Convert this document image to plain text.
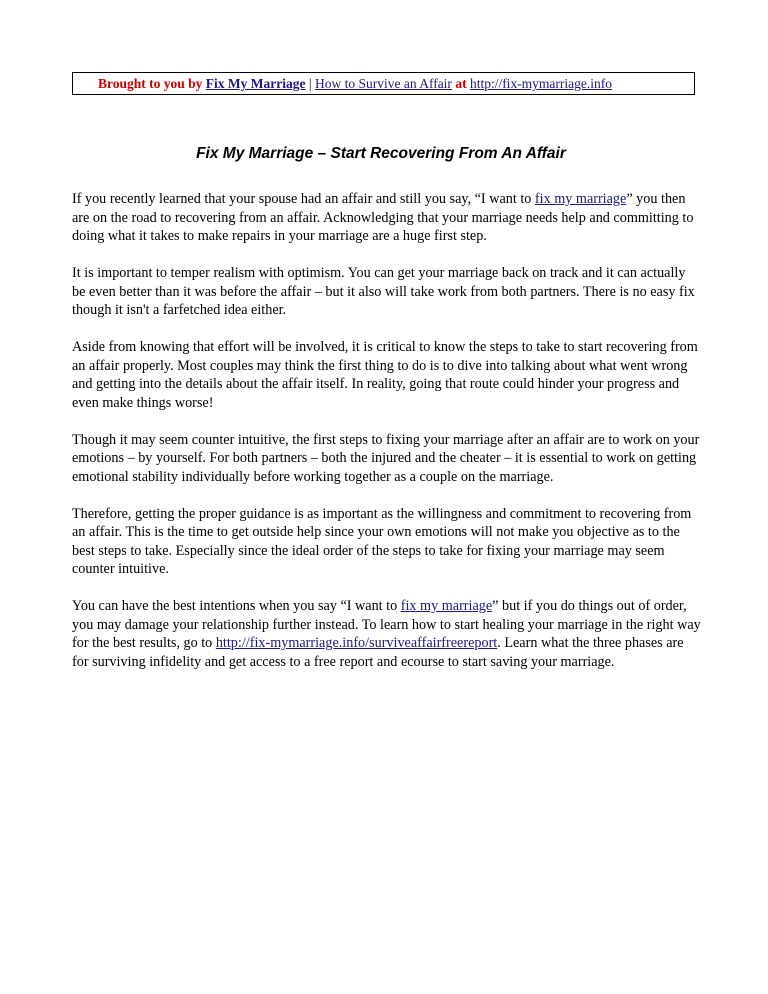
Brought to you by Fix My Marriage | How to Survive an Affair at http://fix-mymarriage.info
Fix My Marriage – Start Recovering From An Affair

If you recently learned that your spouse had an affair and still you say, “I want to fix my marriage” you then are on the road to recovering from an affair. Acknowledging that your marriage needs help and committing to doing what it takes to make repairs in your marriage are a huge first step.

It is important to temper realism with optimism. You can get your marriage back on track and it can actually be even better than it was before the affair – but it also will take work from both partners. There is no easy fix though it isn't a farfetched idea either.

Aside from knowing that effort will be involved, it is critical to know the steps to take to start recovering from an affair properly. Most couples may think the first thing to do is to dive into talking about what went wrong and getting into the details about the affair itself. In reality, going that route could hinder your progress and even make things worse!

Though it may seem counter intuitive, the first steps to fixing your marriage after an affair are to work on your emotions – by yourself. For both partners – both the injured and the cheater – it is essential to work on getting emotional stability individually before working together as a couple on the marriage.

Therefore, getting the proper guidance is as important as the willingness and commitment to recovering from an affair. This is the time to get outside help since your own emotions will not make you objective as to the best steps to take. Especially since the ideal order of the steps to take for fixing your marriage may seem counter intuitive.

You can have the best intentions when you say “I want to fix my marriage” but if you do things out of order, you may damage your relationship further instead. To learn how to start healing your marriage in the right way for the best results, go to http://fix-mymarriage.info/surviveaffairfreereport. Learn what the three phases are for surviving infidelity and get access to a free report and ecourse to start saving your marriage.
